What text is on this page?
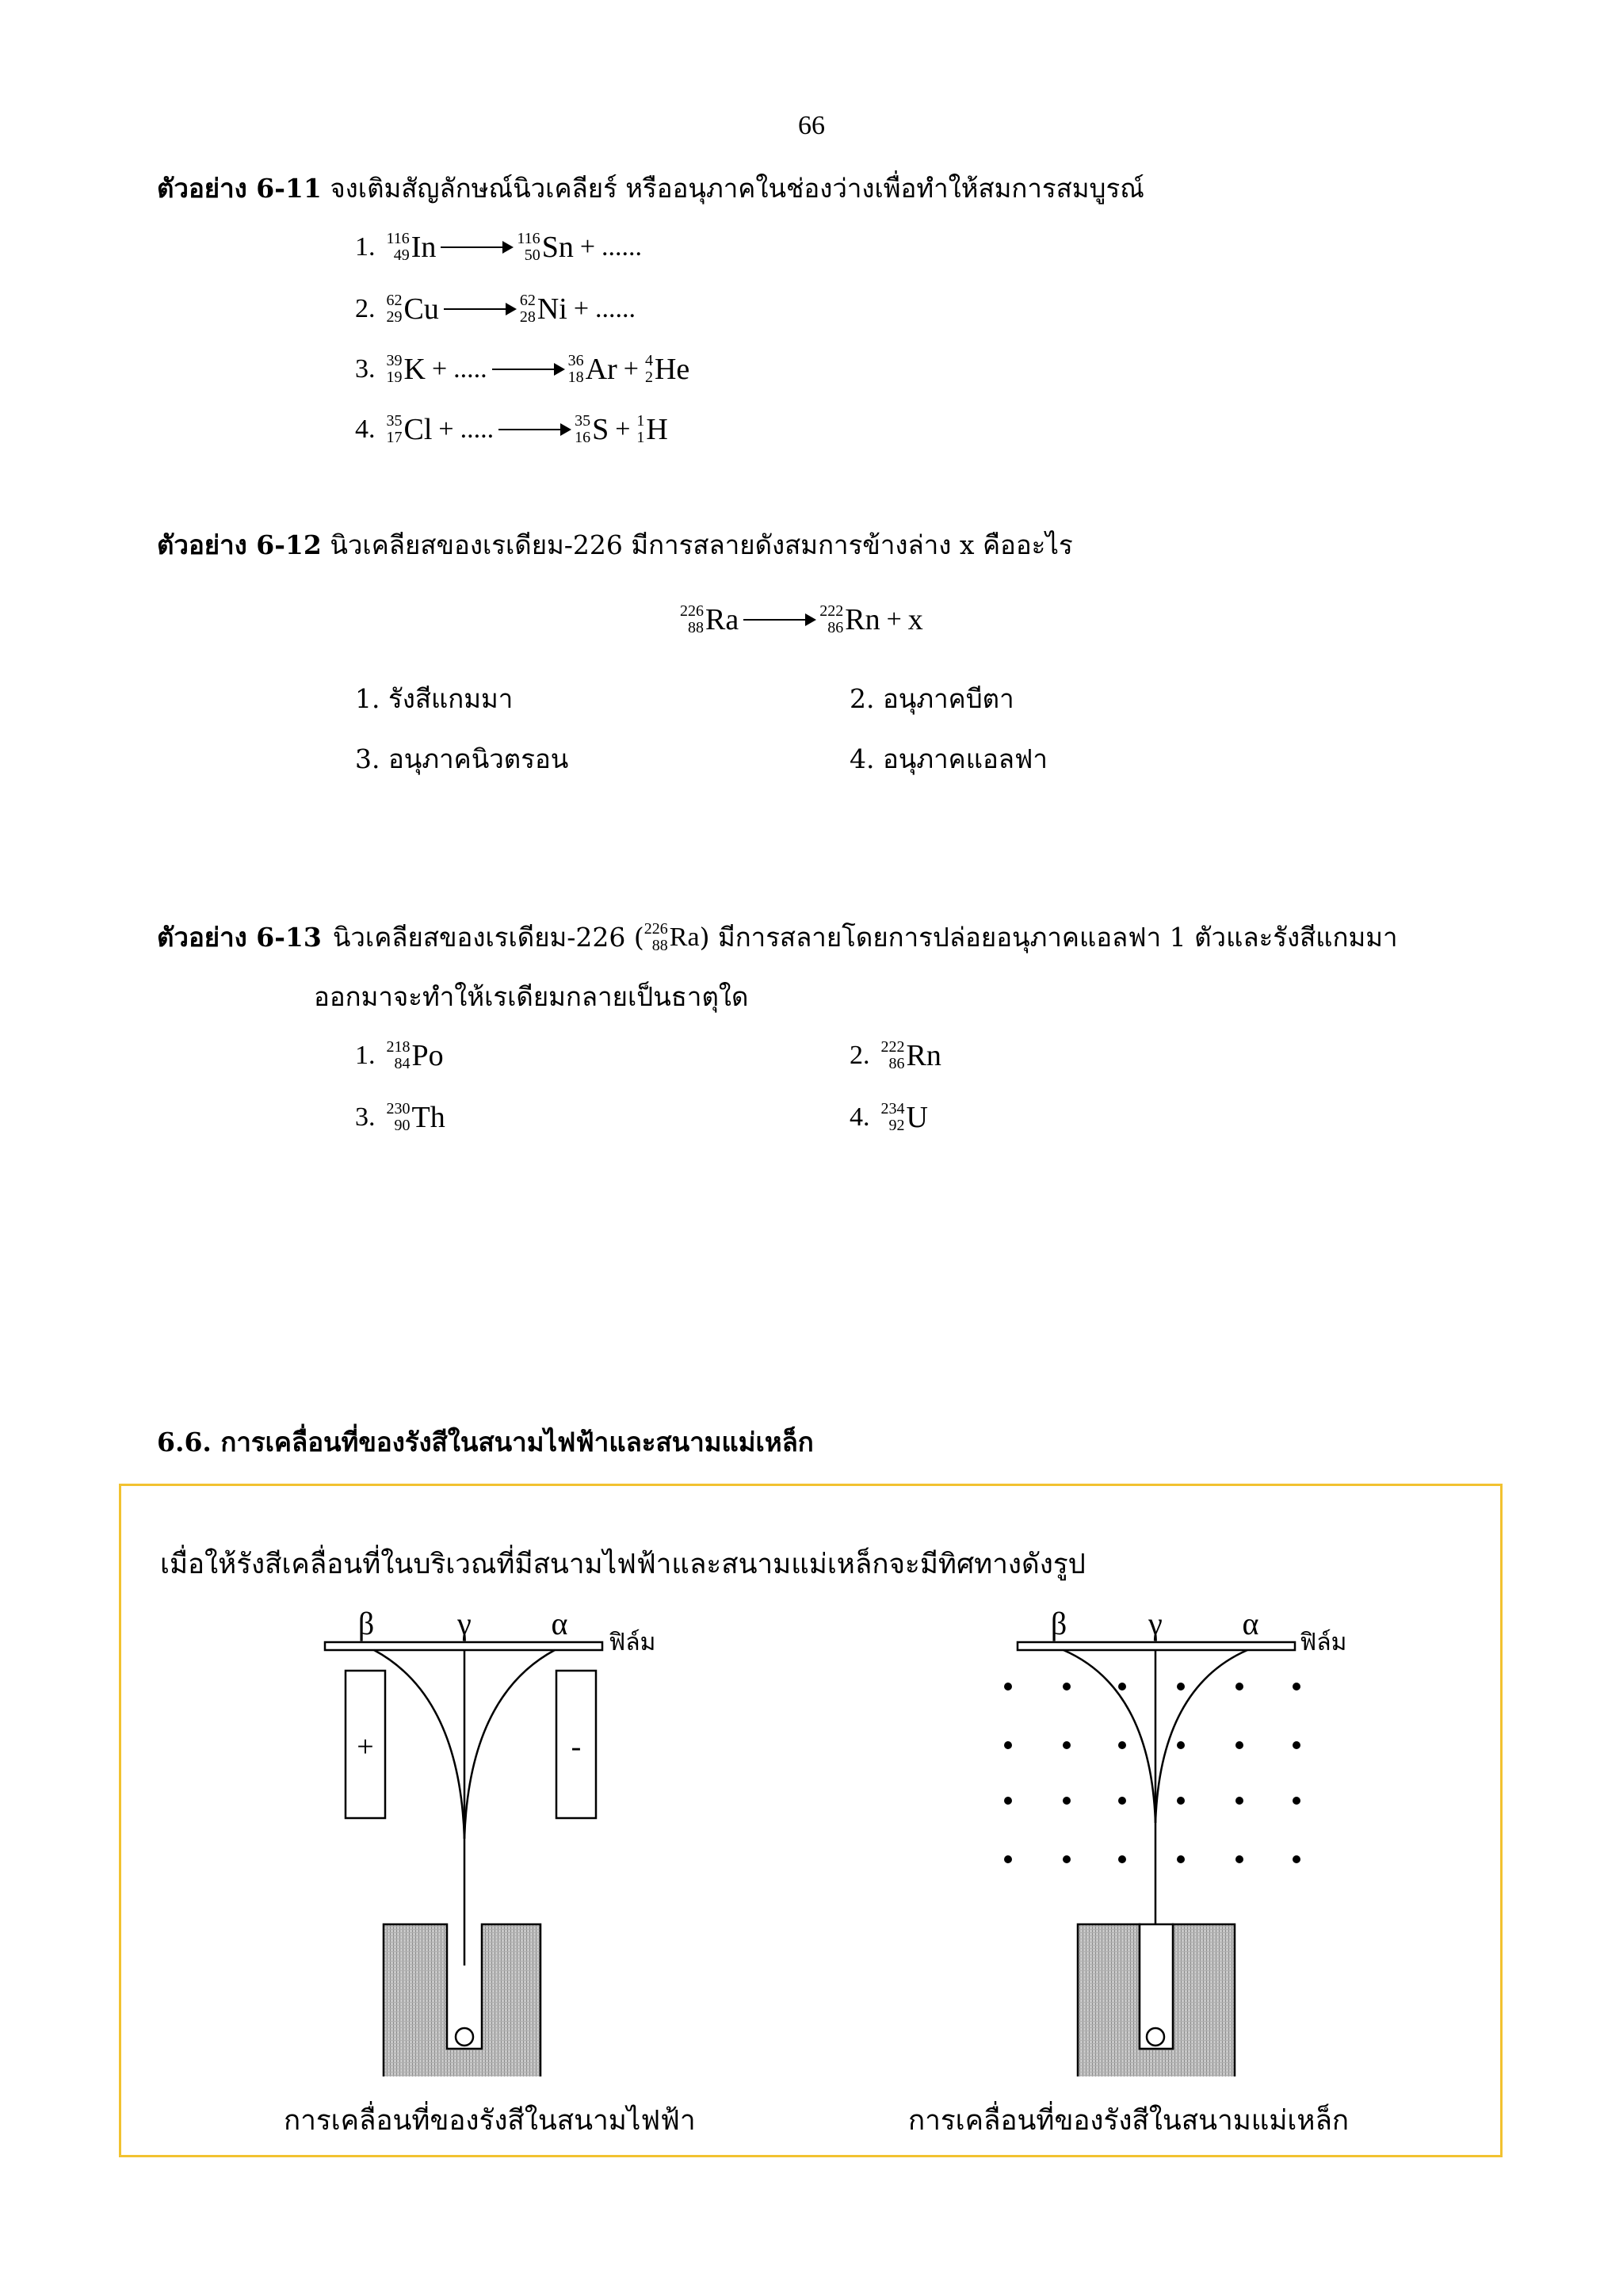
66
ตัวอย่าง 6-11 จงเติมสัญลักษณ์นิวเคลียร์ หรืออนุภาคในช่องว่างเพื่อทำให้สมการสมบูรณ์
1. 116
49 In → 116
50 Sn + ......
2. 62
29 Cu → 62
28 Ni + ......
3. 39
19 K + ..... → 36
18 Ar + 4
2 He
4. 35
17 Cl + ..... → 35
16 S + 1
1 H
ตัวอย่าง 6-12 นิวเคลียสของเรเดียม-226 มีการสลายดังสมการข้างล่าง x คืออะไร
226
88 Ra → 222
86 Rn + x
1. รังสีแกมมา	2. อนุภาคบีตา
3. อนุภาคนิวตรอน	4. อนุภาคแอลฟา
ตัวอย่าง 6-13 นิวเคลียสของเรเดียม-226 ( 226
88 Ra ) มีการสลายโดยการปล่อยอนุภาคแอลฟา 1 ตัวและรังสีแกมมา
ออกมาจะทำให้เรเดียมกลายเป็นธาตุใด
1. 218
84 Po	2. 222
86 Rn
3. 230
90 Th	4. 234
92 U
6.6. การเคลื่อนที่ของรังสีในสนามไฟฟ้าและสนามแม่เหล็ก
เมื่อให้รังสีเคลื่อนที่ในบริเวณที่มีสนามไฟฟ้าและสนามแม่เหล็กจะมีทิศทางดังรูป
β	γ	α
ฟิล์ม
+	-
β	γ	α
ฟิล์ม
การเคลื่อนที่ของรังสีในสนามไฟฟ้า	การเคลื่อนที่ของรังสีในสนามแม่เหล็ก
